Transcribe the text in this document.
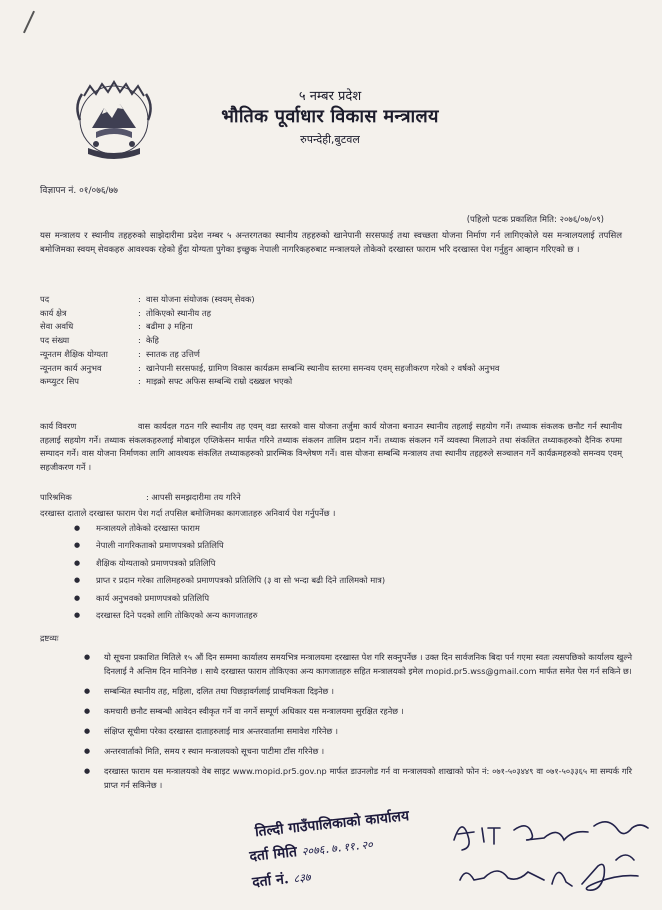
५ नम्बर प्रदेश
भौतिक पूर्वाधार विकास मन्त्रालय
रुपन्देही,बुटवल
विज्ञापन नं. ०१/०७६/७७
(पहिलो पटक प्रकाशित मिति: २०७६/०७/०९)
यस मन्त्रालय र स्थानीय तहहरुको साझेदारीमा प्रदेश नम्बर ५ अन्तरगतका स्थानीय तहहरुको खानेपानी सरसफाई तथा स्वच्छता योजना निर्माण गर्न लागिएकोले यस मन्त्रालयलाई तपसिल बमोजिमका स्वयम् सेवकहरु आवश्यक रहेको हुँदा योग्यता पुगेका इच्छुक नेपाली नागरिकहरुबाट मन्त्रालयले तोकेको दरखास्त फाराम भरि दरखास्त पेश गर्नुहुन आव्हान गरिएको छ ।
पद	: वास योजना संयोजक (स्वयम् सेवक)
कार्य क्षेत्र	: तोकिएको स्थानीय तह
सेवा अवधि	: बढीमा ३ महिना
पद संख्या	: केहि
न्यूनतम शैक्षिक योग्यता	: स्नातक तह उत्तिर्ण
न्यूनतम कार्य अनुभव	: खानेपानी सरसफाई, ग्रामिण विकास कार्यक्रम सम्बन्धि स्थानीय स्तरमा समन्वय एवम् सहजीकरण गरेको २ वर्षको अनुभव
कम्प्युटर सिप	: माइक्रो सफ्ट अफिस सम्बन्धि राम्रो दख्खल भएको
कार्य विवरण	वास कार्यदल गठन गरि स्थानीय तह एवम् वडा स्तरको वास योजना तर्जुमा कार्य योजना बनाउन स्थानीय तहलाई सहयोग गर्ने। तथ्याक संकलक छनौट गर्न स्थानीय तहलाई सहयोग गर्ने। तथ्याक संकलकहरुलाई मोबाइल एप्लिकेसन मार्फत गरिने तथ्याक संकलन तालिम प्रदान गर्ने। तथ्याक संकलन गर्ने व्यवस्था मिलाउने तथा संकलित तथ्याकहरुको दैनिक रुपमा सम्पादन गर्ने। वास योजना निर्माणका लागि आवश्यक संकलित तथ्याकहरुको प्रारम्भिक विश्लेषण गर्ने। वास योजना सम्बन्धि मन्त्रालय तथा स्थानीय तहहरुले सञ्चालन गर्ने कार्यक्रमहरुको समन्वय एवम् सहजीकरण गर्ने ।
पारिश्रमिक	: आपसी समझदारीमा तय गरिने
दरखास्त दाताले दरखास्त फाराम पेश गर्दा तपसिल बमोजिमका कागजातहरु अनिवार्य पेश गर्नुपर्नेछ ।
● मन्त्रालयले तोकेको दरखास्त फाराम
● नेपाली नागरिकताको प्रमाणपत्रको प्रतिलिपि
● शैक्षिक योग्यताको प्रमाणपत्रको प्रतिलिपि
● प्राप्त र प्रदान गरेका तालिमहरुको प्रमाणपत्रको प्रतिलिपि (३ वा सो भन्दा बढी दिने तालिमको मात्र)
● कार्य अनुभवको प्रमाणपत्रको प्रतिलिपि
● दरखास्त दिने पदको लागि तोकिएको अन्य कागजातहरु
द्रष्टव्यः
● यो सूचना प्रकाशित मितिले १५ औं दिन सम्ममा कार्यालय समयभित्र मन्त्रालयमा दरखास्त पेश गरि सक्नुपर्नेछ । उक्त दिन सार्वजनिक बिदा पर्न गएमा स्वतः त्यसपछिको कार्यालय खुल्ने दिनलाई नै अन्तिम दिन मानिनेछ । साथै दरखास्त फाराम तोकिएका अन्य कागजातहरु सहित मन्त्रालयको इमेल mopid.pr5.wss@gmail.com मार्फत समेत पेस गर्न सकिने छ।
● सम्बन्धित स्थानीय तह, महिला, दलित तथा पिछड़ावर्गलाई प्राथमिकता दिइनेछ ।
● कमचारी छनौट सम्बन्धी आवेदन स्वीकृत गर्ने वा नगर्ने सम्पूर्ण अधिकार यस मन्त्रालयमा सुरक्षित रहनेछ ।
● संक्षिप्त सूचीमा परेका दरखास्त दाताहरुलाई मात्र अन्तरवार्तामा समावेश गरिनेछ ।
● अन्तरवार्ताको मिति, समय र स्थान मन्त्रालयको सूचना पाटीमा टाँस गरिनेछ ।
● दरखास्त फाराम यस मन्त्रालयको वेब साइट www.mopid.pr5.gov.np मार्फत डाउनलोड गर्न वा मन्त्रालयको शाखाको फोन नं: ०७१-५०३४४९ वा ०७१-५०३३६५ मा सम्पर्क गरि प्राप्त गर्न सकिनेछ ।
तिल्दी गाउँपालिकाको कार्यालय
दर्ता मिति २०७६.७.११.२०
दर्ता नं. ८३७
